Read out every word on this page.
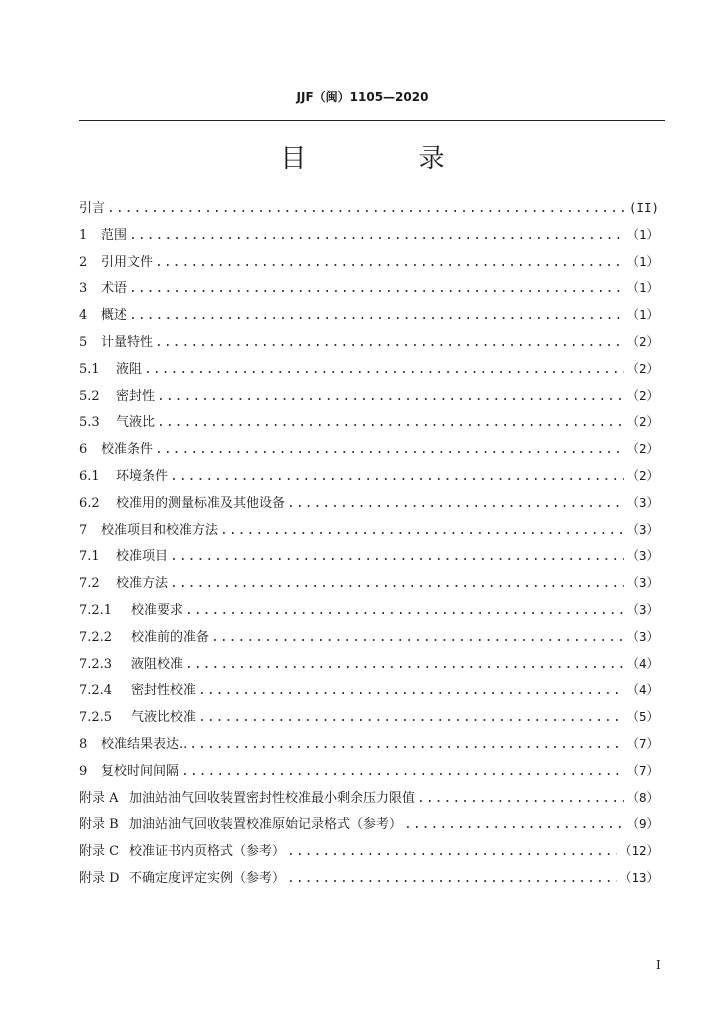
JJF（闽）1105—2020
目 录
引言 .....	(II)
1	范围 .....	（1）
2	引用文件 .....	（1）
3	术语 .....	（1）
4	概述 .....	（1）
5	计量特性 .....	（2）
5.1	液阻 .....	（2）
5.2	密封性 .....	（2）
5.3	气液比 .....	（2）
6	校准条件 .....	（2）
6.1	环境条件 .....	（2）
6.2	校准用的测量标准及其他设备 .....	（3）
7	校准项目和校准方法 .....	（3）
7.1	校准项目 .....	（3）
7.2	校准方法 .....	（3）
7.2.1	校准要求 .....	（3）
7.2.2	校准前的准备 .....	（3）
7.2.3	液阻校准 .....	（4）
7.2.4	密封性校准 .....	（4）
7.2.5	气液比校准 .....	（5）
8	校准结果表达.. .....	（7）
9	复校时间间隔 .....	（7）
附录 A 加油站油气回收装置密封性校准最小剩余压力限值 .....	（8）
附录 B 加油站油气回收装置校准原始记录格式（参考） .....	（9）
附录 C 校准证书内页格式（参考） .....	（12）
附录 D 不确定度评定实例（参考） .....	（13）
I
